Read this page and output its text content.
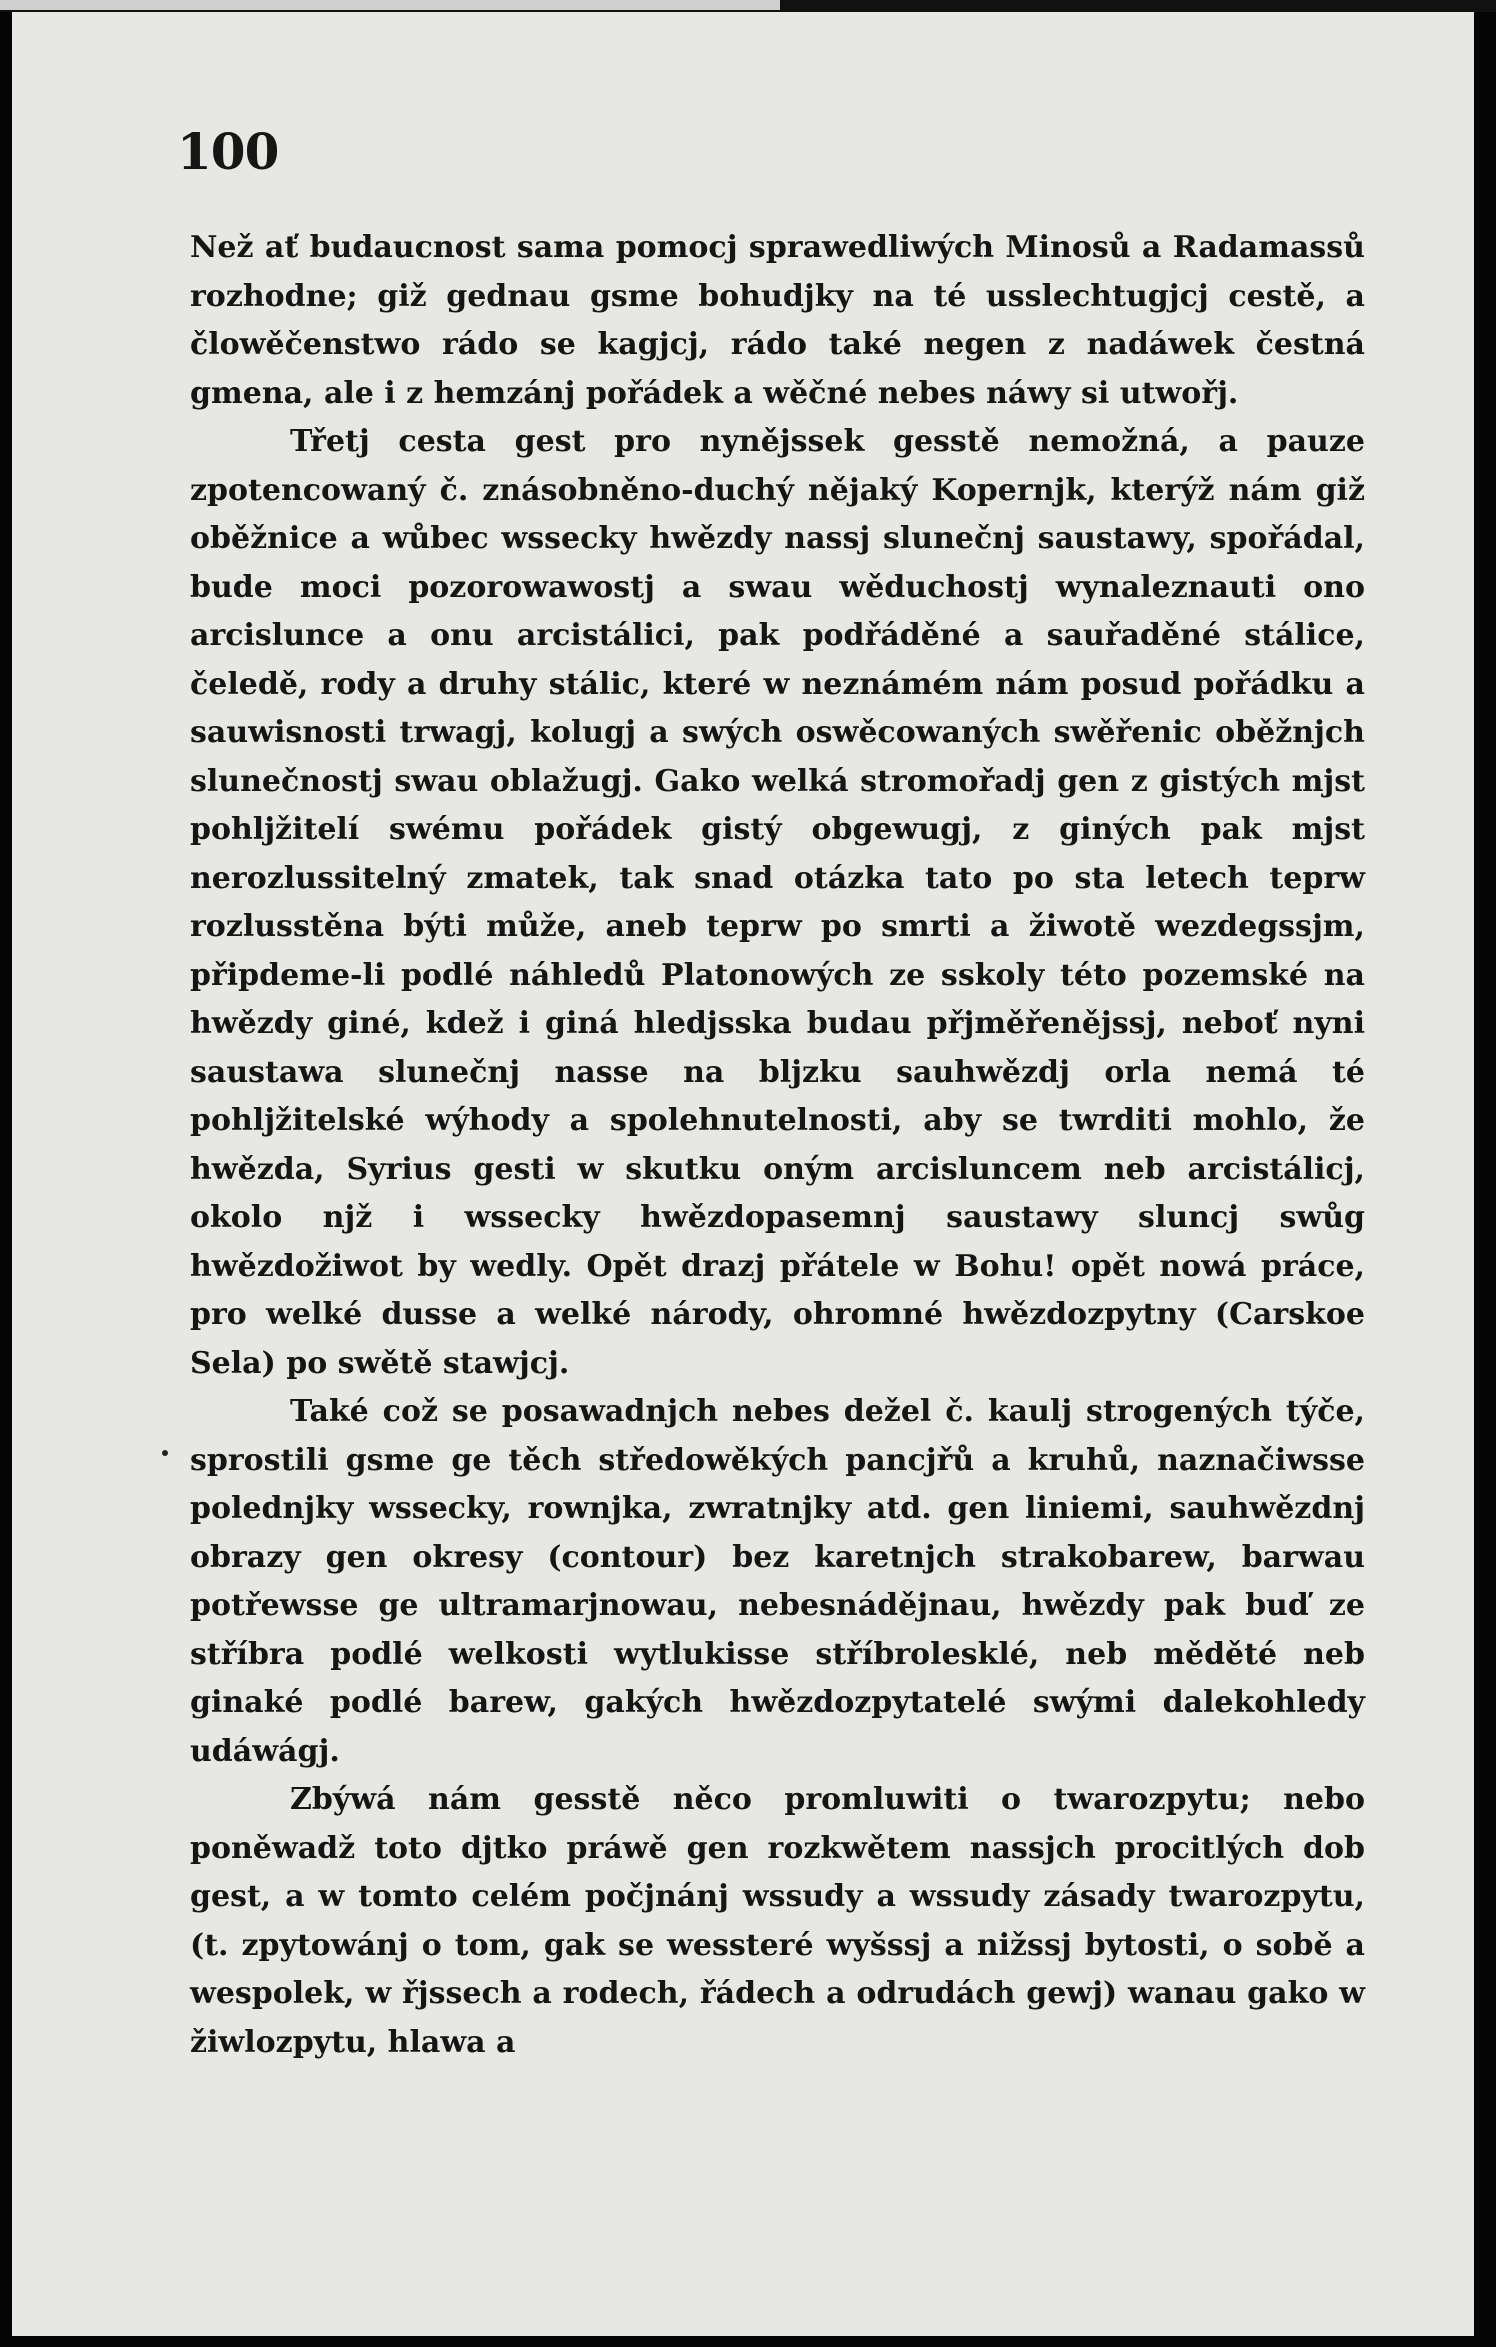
100

Než ať budaucnost sama pomocj sprawedliwých Minosů a Radamassů rozhodne; giž gednau gsme bohudjky na té usslechtugjcj cestě, a člowěčenstwo rádo se kagjcj, rádo také negen z nadáwek čestná gmena, ale i z hemzánj pořádek a wěčné nebes náwy si utwořj.

Třetj cesta gest pro nynějssek gesstě nemožná, a pauze zpotencowaný č. znásobněno-duchý nějaký Kopernjk, kterýž nám giž oběžnice a wůbec wssecky hwězdy nassj slunečnj saustawy, spořádal, bude moci pozorowawostj a swau wěduchostj wynaleznauti ono arcislunce a onu arcistálici, pak podřáděné a sauřaděné stálice, čeledě, rody a druhy stálic, které w neznámém nám posud pořádku a sauwisnosti trwagj, kolugj a swých oswěcowaných swěřenic oběžnjch slunečnostj swau oblažugj. Gako welká stromořadj gen z gistých mjst pohljžitelí swému pořádek gistý obgewugj, z giných pak mjst nerozlussitelný zmatek, tak snad otázka tato po sta letech teprw rozlusstěna býti může, aneb teprw po smrti a žiwotě wezdegssjm, připdeme-li podlé náhledů Platonowých ze sskoly této pozemské na hwězdy giné, kdež i giná hledjsska budau přjměřenějssj, neboť nyni saustawa slunečnj nasse na bljzku sauhwězdj orla nemá té pohljžitelské wýhody a spolehnutelnosti, aby se twrditi mohlo, že hwězda, Syrius gesti w skutku oným arcisluncem neb arcistálicj, okolo njž i wssecky hwězdopasemnj saustawy sluncj swůg hwězdožiwot by wedly. Opět drazj přátele w Bohu! opět nowá práce, pro welké dusse a welké národy, ohromné hwězdozpytny (Carskoe Sela) po swětě stawjcj.

Také což se posawadnjch nebes dežel č. kaulj strogených týče, sprostili gsme ge těch středowěkých pancjřů a kruhů, naznačiwsse polednjky wssecky, rownjka, zwratnjky atd. gen liniemi, sauhwězdnj obrazy gen okresy (contour) bez karetnjch strakobarew, barwau potřewsse ge ultramarjnowau, nebesnádějnau, hwězdy pak buď ze stříbra podlé welkosti wytlukisse stříbrolesklé, neb měděté neb ginaké podlé barew, gakých hwězdozpytatelé swými dalekohledy udáwágj.

Zbýwá nám gesstě něco promluwiti o twarozpytu; nebo poněwadž toto djtko práwě gen rozkwětem nassjch procitlých dob gest, a w tomto celém počjnánj wssudy a wssudy zásady twarozpytu, (t. zpytowánj o tom, gak se wessteré wyšssj a nižssj bytosti, o sobě a wespolek, w řjssech a rodech, řádech a odrudách gewj) wanau gako w žiwlozpytu, hlawa a
